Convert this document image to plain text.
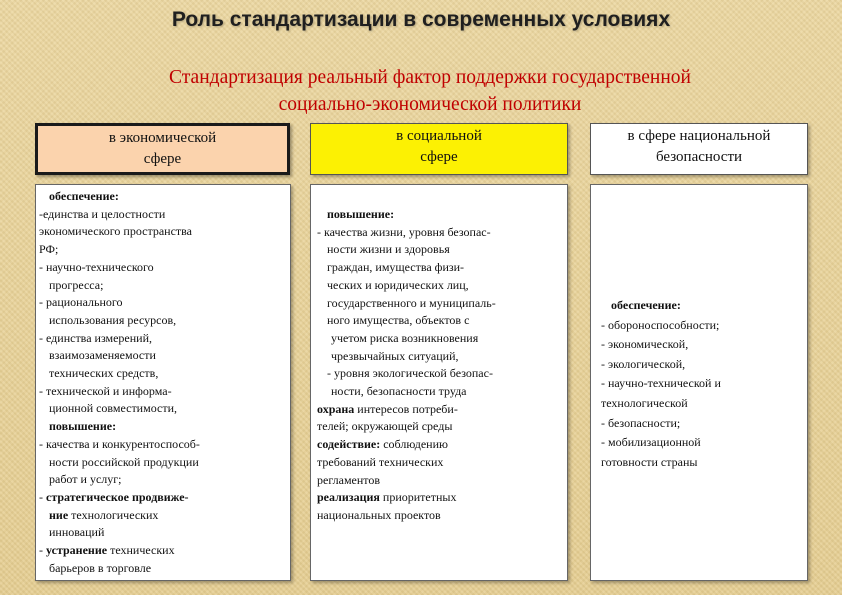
Роль стандартизации в современных условиях
Стандартизация реальный фактор поддержки государственной
социально-экономической политики
в экономической
сфере
в социальной
сфере
в сфере национальной
безопасности
обеспечение:
-единства и целостности
экономического пространства
РФ;
- научно-технического
прогресса;
- рационального
использования ресурсов,
- единства измерений,
взаимозаменяемости
технических средств,
- технической и информа-
ционной совместимости,
повышение:
- качества и конкурентоспособ-
ности российской продукции
работ и услуг;
- стратегическое продвиже-
ние технологических
инноваций
- устранение технических
барьеров в торговле
повышение:
- качества жизни, уровня безопас-
ности жизни и здоровья
граждан, имущества физи-
ческих и юридических лиц,
государственного и муниципаль-
ного имущества, объектов с
учетом риска возникновения
чрезвычайных ситуаций,
- уровня экологической безопас-
ности, безопасности труда
охрана интересов потреби-
телей; окружающей среды
содействие: соблюдению
требований технических
регламентов
реализация приоритетных
национальных проектов
обеспечение:
- обороноспособности;
- экономической,
- экологической,
- научно-технической и
технологической
- безопасности;
- мобилизационной
готовности страны
